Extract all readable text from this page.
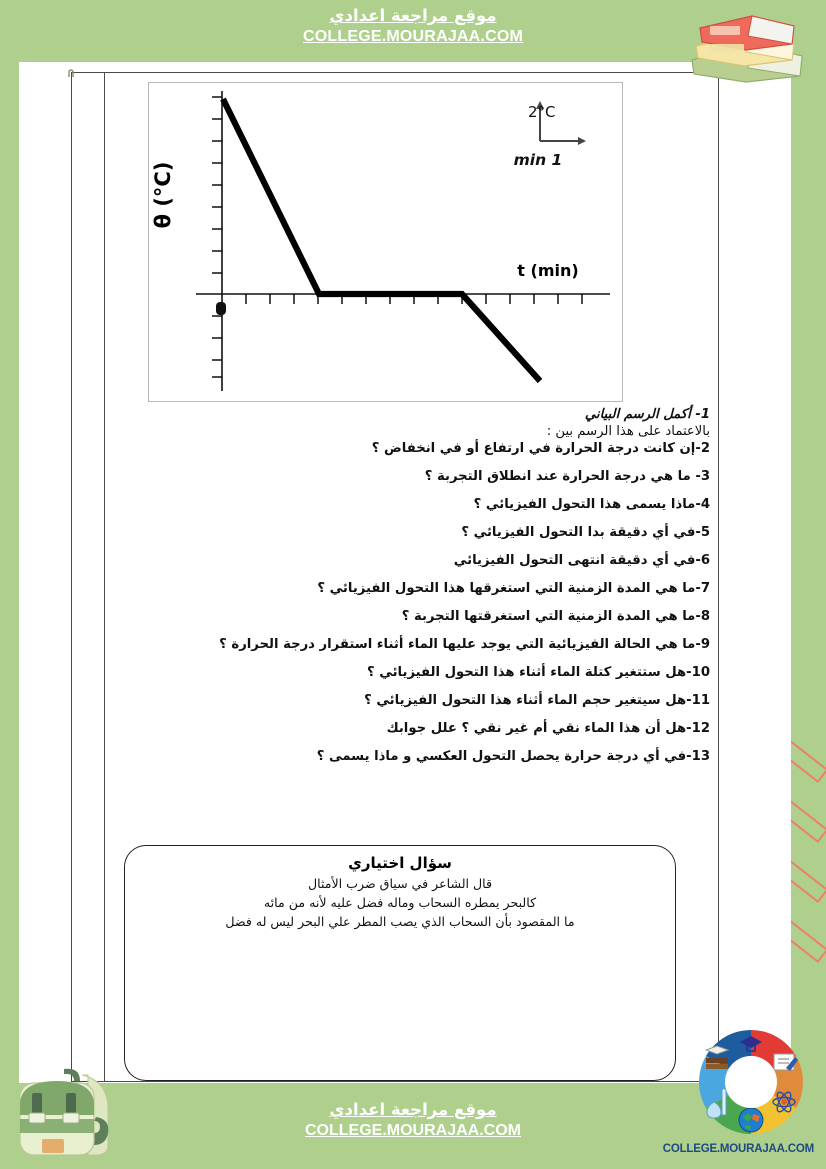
موقع مراجعة اعدادي
COLLEGE.MOURAJAA.COM
θ (°C)
t (min)
2°C
1 min

1- أكمل الرسم البياني

بالاعتماد على هذا الرسم بين :

2-إن كانت درجة الحرارة في ارتفاع أو في انخفاض ؟

3- ما هي درجة الحرارة عند انطلاق التجربة ؟

4-ماذا يسمى هذا التحول الفيزيائي ؟

5-في أي دقيقة بدا التحول الفيزيائي ؟

6-في أي دقيقة انتهى التحول الفيزيائي

7-ما هي المدة الزمنية التي استغرقها هذا التحول الفيزيائي ؟

8-ما هي المدة الزمنية التي استغرقتها التجربة ؟

9-ما هي الحالة الفيزيائية التي يوجد عليها الماء أثناء استقرار درجة الحرارة ؟

10-هل ستتغير كتلة الماء أثناء هذا التحول الفيزيائي ؟

11-هل سيتغير حجم الماء أثناء هذا التحول الفيزيائي ؟

12-هل أن هذا الماء نقي أم غير نقي ؟ علل جوابك

13-في أي درجة حرارة يحصل التحول العكسي و ماذا يسمى ؟

سؤال اختياري
قال الشاعر في سياق ضرب الأمثال
كالبحر يمطره السحاب وماله فضل عليه لأنه من مائه
ما المقصود بأن السحاب الذي يصب المطر علي البحر ليس له فضل
موقع مراجعة اعدادي
COLLEGE.MOURAJAA.COM
COLLEGE.MOURAJAA.COM
